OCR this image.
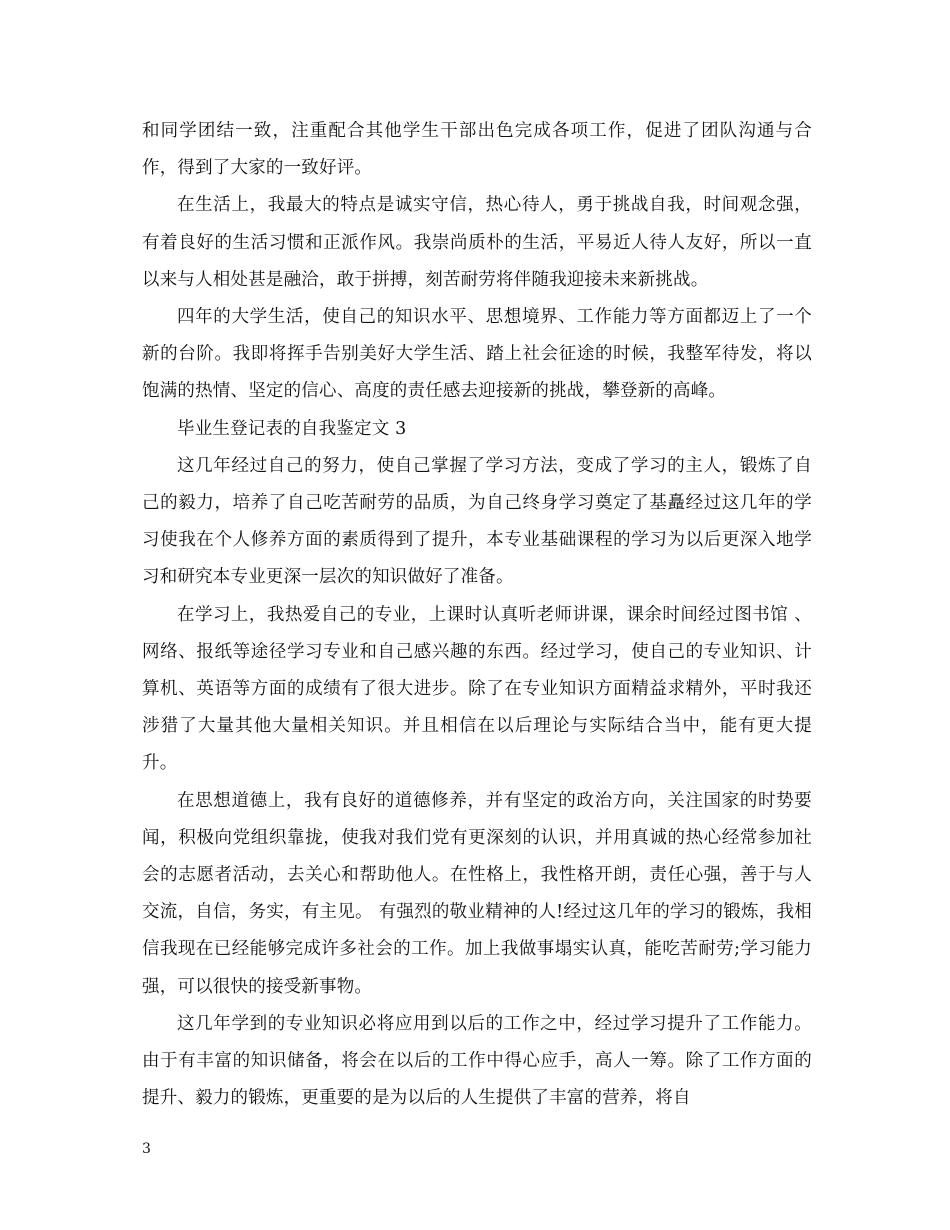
和同学团结一致，注重配合其他学生干部出色完成各项工作，促进了团队沟通与合作，得到了大家的一致好评。

在生活上，我最大的特点是诚实守信，热心待人，勇于挑战自我，时间观念强，有着良好的生活习惯和正派作风。我崇尚质朴的生活，平易近人待人友好，所以一直以来与人相处甚是融洽，敢于拼搏，刻苦耐劳将伴随我迎接未来新挑战。

四年的大学生活，使自己的知识水平、思想境界、工作能力等方面都迈上了一个新的台阶。我即将挥手告别美好大学生活、踏上社会征途的时候，我整军待发，将以饱满的热情、坚定的信心、高度的责任感去迎接新的挑战，攀登新的高峰。

毕业生登记表的自我鉴定文 3

这几年经过自己的努力，使自己掌握了学习方法，变成了学习的主人，锻炼了自己的毅力，培养了自己吃苦耐劳的品质，为自己终身学习奠定了基矗经过这几年的学习使我在个人修养方面的素质得到了提升，本专业基础课程的学习为以后更深入地学习和研究本专业更深一层次的知识做好了准备。

在学习上，我热爱自己的专业，上课时认真听老师讲课，课余时间经过图书馆 、网络、报纸等途径学习专业和自己感兴趣的东西。经过学习，使自己的专业知识、计算机、英语等方面的成绩有了很大进步。除了在专业知识方面精益求精外，平时我还涉猎了大量其他大量相关知识。并且相信在以后理论与实际结合当中，能有更大提升。

在思想道德上，我有良好的道德修养，并有坚定的政治方向，关注国家的时势要闻，积极向党组织靠拢，使我对我们党有更深刻的认识，并用真诚的热心经常参加社会的志愿者活动，去关心和帮助他人。在性格上，我性格开朗，责任心强，善于与人交流，自信，务实，有主见。 有强烈的敬业精神的人!经过这几年的学习的锻炼，我相信我现在已经能够完成许多社会的工作。加上我做事塌实认真，能吃苦耐劳;学习能力强，可以很快的接受新事物。

这几年学到的专业知识必将应用到以后的工作之中，经过学习提升了工作能力。由于有丰富的知识储备，将会在以后的工作中得心应手，高人一筹。除了工作方面的提升、毅力的锻炼，更重要的是为以后的人生提供了丰富的营养，将自

3
